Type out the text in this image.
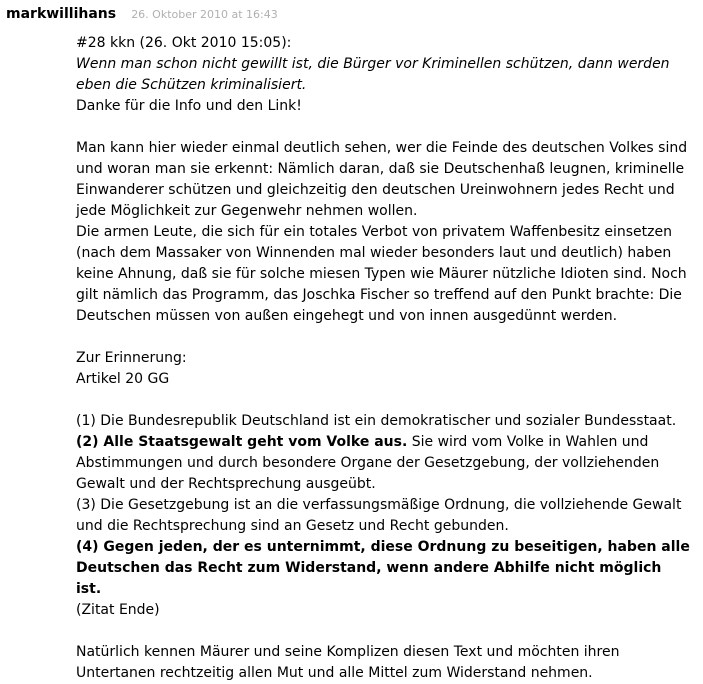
markwillihans 26. Oktober 2010 at 16:43

#28 kkn (26. Okt 2010 15:05):

Wenn man schon nicht gewillt ist, die Bürger vor Kriminellen schützen, dann werden eben die Schützen kriminalisiert.

Danke für die Info und den Link!

Man kann hier wieder einmal deutlich sehen, wer die Feinde des deutschen Volkes sind und woran man sie erkennt: Nämlich daran, daß sie Deutschenhaß leugnen, kriminelle Einwanderer schützen und gleichzeitig den deutschen Ureinwohnern jedes Recht und jede Möglichkeit zur Gegenwehr nehmen wollen.

Die armen Leute, die sich für ein totales Verbot von privatem Waffenbesitz einsetzen (nach dem Massaker von Winnenden mal wieder besonders laut und deutlich) haben keine Ahnung, daß sie für solche miesen Typen wie Mäurer nützliche Idioten sind. Noch gilt nämlich das Programm, das Joschka Fischer so treffend auf den Punkt brachte: Die Deutschen müssen von außen eingehegt und von innen ausgedünnt werden.

Zur Erinnerung:

Artikel 20 GG

(1) Die Bundesrepublik Deutschland ist ein demokratischer und sozialer Bundesstaat.

(2) Alle Staatsgewalt geht vom Volke aus. Sie wird vom Volke in Wahlen und Abstimmungen und durch besondere Organe der Gesetzgebung, der vollziehenden Gewalt und der Rechtsprechung ausgeübt.

(3) Die Gesetzgebung ist an die verfassungsmäßige Ordnung, die vollziehende Gewalt und die Rechtsprechung sind an Gesetz und Recht gebunden.

(4) Gegen jeden, der es unternimmt, diese Ordnung zu beseitigen, haben alle Deutschen das Recht zum Widerstand, wenn andere Abhilfe nicht möglich ist.

(Zitat Ende)

Natürlich kennen Mäurer und seine Komplizen diesen Text und möchten ihren Untertanen rechtzeitig allen Mut und alle Mittel zum Widerstand nehmen.
